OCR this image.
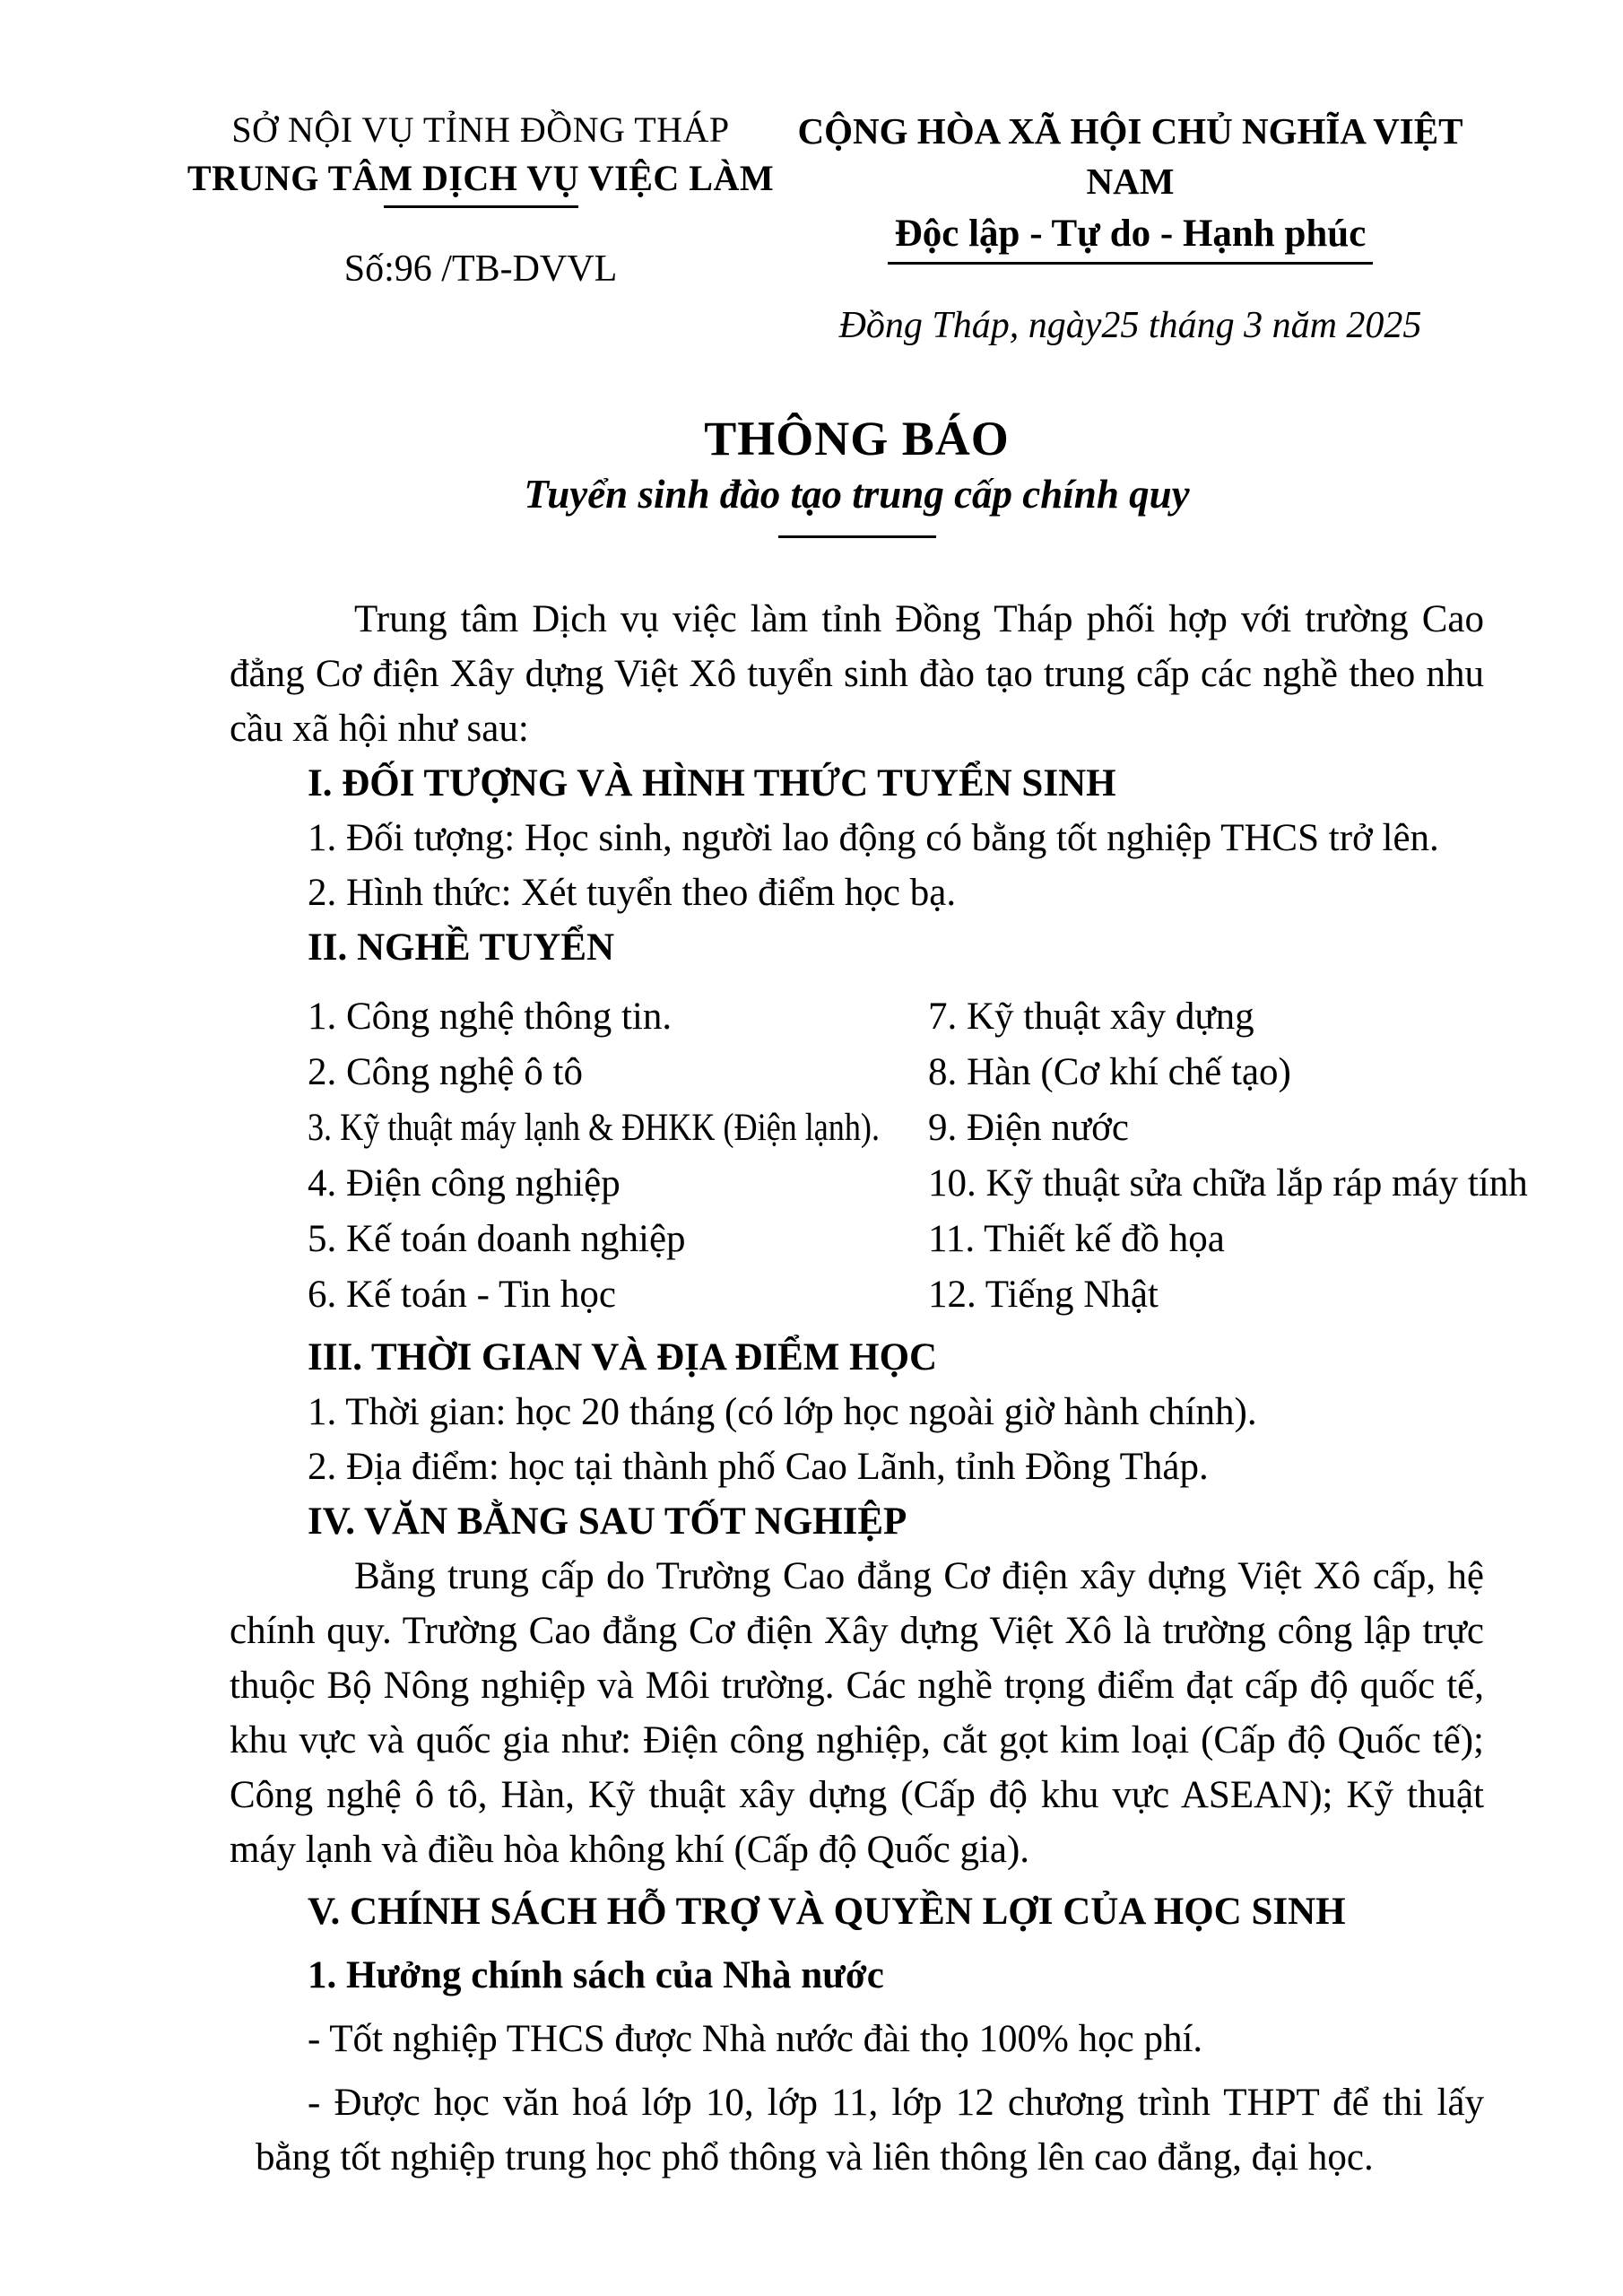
SỞ NỘI VỤ TỈNH ĐỒNG THÁP
TRUNG TÂM DỊCH VỤ VIỆC LÀM
Số:96 /TB-DVVL
CỘNG HÒA XÃ HỘI CHỦ NGHĨA VIỆT NAM
Độc lập - Tự do - Hạnh phúc
Đồng Tháp, ngày25 tháng 3 năm 2025
THÔNG BÁO
Tuyển sinh đào tạo trung cấp chính quy

Trung tâm Dịch vụ việc làm tỉnh Đồng Tháp phối hợp với trường Cao đẳng Cơ điện Xây dựng Việt Xô tuyển sinh đào tạo trung cấp các nghề theo nhu cầu xã hội như sau:

I. ĐỐI TƯỢNG VÀ HÌNH THỨC TUYỂN SINH

1. Đối tượng: Học sinh, người lao động có bằng tốt nghiệp THCS trở lên.

2. Hình thức: Xét tuyển theo điểm học bạ.

II. NGHỀ TUYỂN
1. Công nghệ thông tin.	7. Kỹ thuật xây dựng
2. Công nghệ ô tô	8. Hàn (Cơ khí chế tạo)
3. Kỹ thuật máy lạnh & ĐHKK (Điện lạnh).	9. Điện nước
4. Điện công nghiệp	10. Kỹ thuật sửa chữa lắp ráp máy tính
5. Kế toán doanh nghiệp	11. Thiết kế đồ họa
6. Kế toán - Tin học	12. Tiếng Nhật
III. THỜI GIAN VÀ ĐỊA ĐIỂM HỌC

1. Thời gian: học 20 tháng (có lớp học ngoài giờ hành chính).

2. Địa điểm: học tại thành phố Cao Lãnh, tỉnh Đồng Tháp.

IV. VĂN BẰNG SAU TỐT NGHIỆP

Bằng trung cấp do Trường Cao đẳng Cơ điện xây dựng Việt Xô cấp, hệ chính quy. Trường Cao đẳng Cơ điện Xây dựng Việt Xô là trường công lập trực thuộc Bộ Nông nghiệp và Môi trường. Các nghề trọng điểm đạt cấp độ quốc tế, khu vực và quốc gia như: Điện công nghiệp, cắt gọt kim loại (Cấp độ Quốc tế); Công nghệ ô tô, Hàn, Kỹ thuật xây dựng (Cấp độ khu vực ASEAN); Kỹ thuật máy lạnh và điều hòa không khí (Cấp độ Quốc gia).

V. CHÍNH SÁCH HỖ TRỢ VÀ QUYỀN LỢI CỦA HỌC SINH
1. Hưởng chính sách của Nhà nước

- Tốt nghiệp THCS được Nhà nước đài thọ 100% học phí.

- Được học văn hoá lớp 10, lớp 11, lớp 12 chương trình THPT để thi lấy bằng tốt nghiệp trung học phổ thông và liên thông lên cao đẳng, đại học.
